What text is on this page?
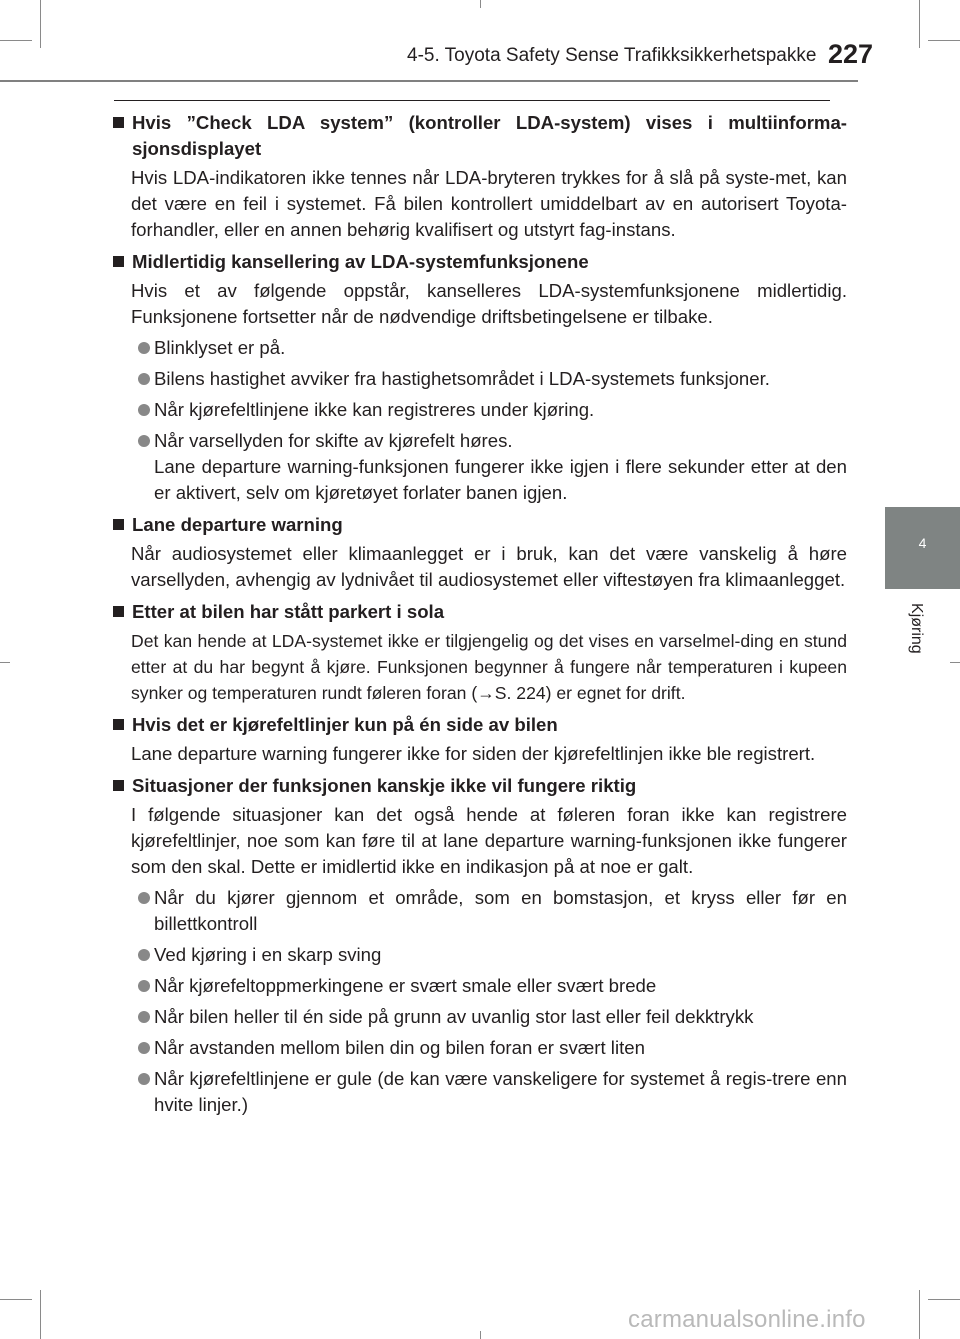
4-5. Toyota Safety Sense Trafikksikkerhetspakke 227
4
Kjøring
Hvis ”Check LDA system” (kontroller LDA-system) vises i multiinforma-sjonsdisplayet
Hvis LDA-indikatoren ikke tennes når LDA-bryteren trykkes for å slå på syste-met, kan det være en feil i systemet. Få bilen kontrollert umiddelbart av en autorisert Toyota-forhandler, eller en annen behørig kvalifisert og utstyrt fag-instans.
Midlertidig kansellering av LDA-systemfunksjonene
Hvis et av følgende oppstår, kanselleres LDA-systemfunksjonene midlertidig. Funksjonene fortsetter når de nødvendige driftsbetingelsene er tilbake.
Blinklyset er på.
Bilens hastighet avviker fra hastighetsområdet i LDA-systemets funksjoner.
Når kjørefeltlinjene ikke kan registreres under kjøring.
Når varsellyden for skifte av kjørefelt høres.
Lane departure warning-funksjonen fungerer ikke igjen i flere sekunder etter at den er aktivert, selv om kjøretøyet forlater banen igjen.
Lane departure warning
Når audiosystemet eller klimaanlegget er i bruk, kan det være vanskelig å høre varsellyden, avhengig av lydnivået til audiosystemet eller viftestøyen fra klimaanlegget.
Etter at bilen har stått parkert i sola
Det kan hende at LDA-systemet ikke er tilgjengelig og det vises en varselmel-ding en stund etter at du har begynt å kjøre. Funksjonen begynner å fungere når temperaturen i kupeen synker og temperaturen rundt føleren foran (→S. 224) er egnet for drift.
Hvis det er kjørefeltlinjer kun på én side av bilen
Lane departure warning fungerer ikke for siden der kjørefeltlinjen ikke ble registrert.
Situasjoner der funksjonen kanskje ikke vil fungere riktig
I følgende situasjoner kan det også hende at føleren foran ikke kan registrere kjørefeltlinjer, noe som kan føre til at lane departure warning-funksjonen ikke fungerer som den skal. Dette er imidlertid ikke en indikasjon på at noe er galt.
Når du kjører gjennom et område, som en bomstasjon, et kryss eller før en billettkontroll
Ved kjøring i en skarp sving
Når kjørefeltoppmerkingene er svært smale eller svært brede
Når bilen heller til én side på grunn av uvanlig stor last eller feil dekktrykk
Når avstanden mellom bilen din og bilen foran er svært liten
Når kjørefeltlinjene er gule (de kan være vanskeligere for systemet å regis-trere enn hvite linjer.)
carmanualsonline.info
